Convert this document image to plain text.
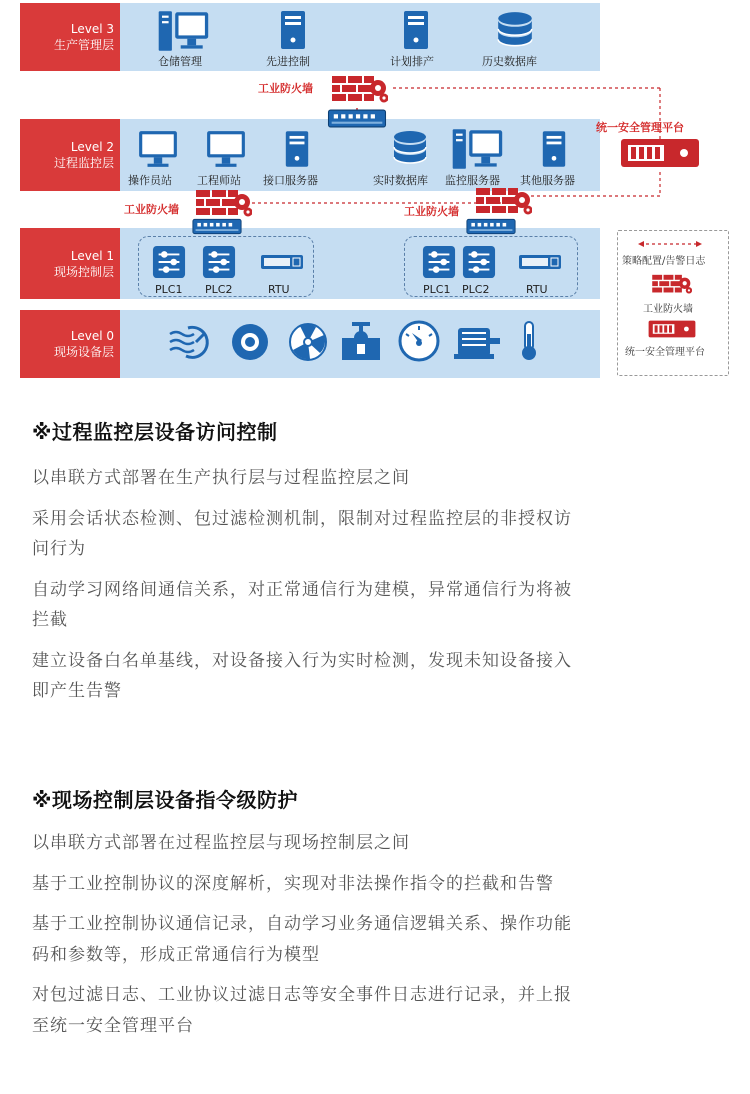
Level 3
生产管理层
Level 2
过程监控层
Level 1
现场控制层
Level 0
现场设备层
仓储管理	先进控制	计划排产	历史数据库
工业防火墙
操作员站 工程师站 接口服务器	实时数据库 监控服务器 其他服务器
统一安全管理平台
工业防火墙	工业防火墙
PLC1 PLC2	RTU	PLC1 PLC2	RTU
策略配置/告警日志
工业防火墙
统一安全管理平台
※过程监控层设备访问控制
以串联方式部署在生产执行层与过程监控层之间
采用会话状态检测、包过滤检测机制，限制对过程监控层的非授权访
问行为
自动学习网络间通信关系，对正常通信行为建模，异常通信行为将被
拦截
建立设备白名单基线，对设备接入行为实时检测，发现未知设备接入
即产生告警
※现场控制层设备指令级防护
以串联方式部署在过程监控层与现场控制层之间
基于工业控制协议的深度解析，实现对非法操作指令的拦截和告警
基于工业控制协议通信记录，自动学习业务通信逻辑关系、操作功能
码和参数等，形成正常通信行为模型
对包过滤日志、工业协议过滤日志等安全事件日志进行记录，并上报
至统一安全管理平台
